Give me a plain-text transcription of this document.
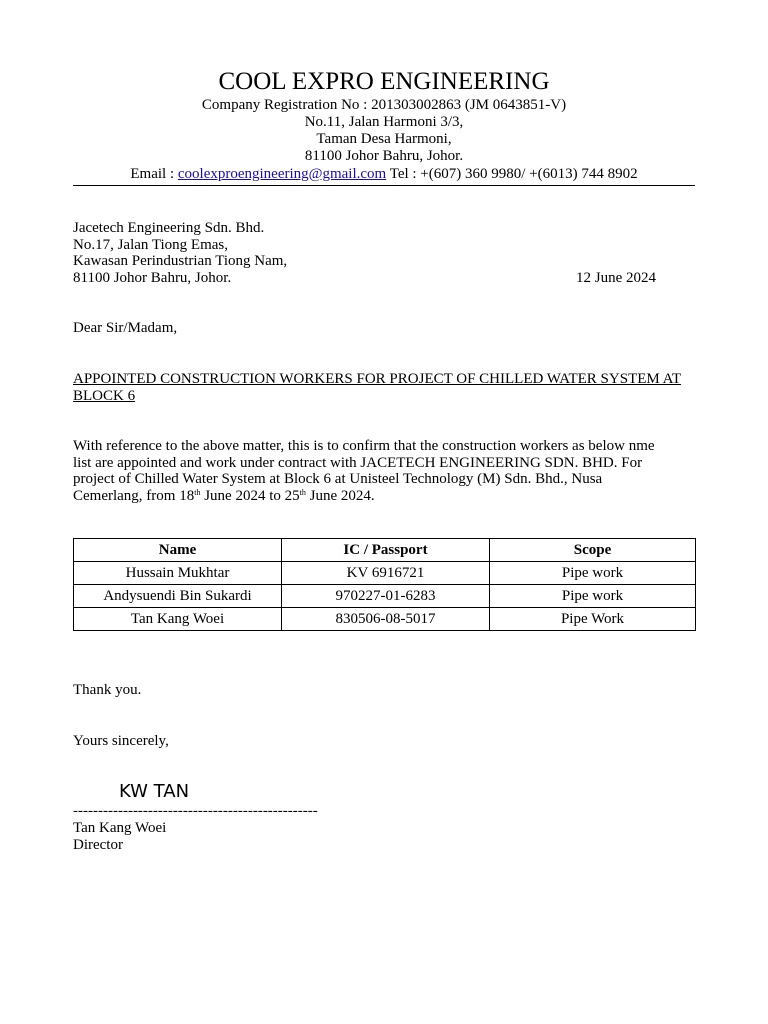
COOL EXPRO ENGINEERING
Company Registration No : 201303002863 (JM 0643851-V)
No.11, Jalan Harmoni 3/3,
Taman Desa Harmoni,
81100 Johor Bahru, Johor.
Email : coolexproengineering@gmail.com Tel : +(607) 360 9980/ +(6013) 744 8902
Jacetech Engineering Sdn. Bhd.
No.17, Jalan Tiong Emas,
Kawasan Perindustrian Tiong Nam,
81100 Johor Bahru, Johor.	12 June 2024
Dear Sir/Madam,
APPOINTED CONSTRUCTION WORKERS FOR PROJECT OF CHILLED WATER SYSTEM AT BLOCK 6
With reference to the above matter, this is to confirm that the construction workers as below nme
list are appointed and work under contract with JACETECH ENGINEERING SDN. BHD. For
project of Chilled Water System at Block 6 at Unisteel Technology (M) Sdn. Bhd., Nusa
Cemerlang, from 18th June 2024 to 25th June 2024.
Name	IC / Passport	Scope
Hussain Mukhtar	KV 6916721	Pipe work
Andysuendi Bin Sukardi	970227-01-6283	Pipe work
Tan Kang Woei	830506-08-5017	Pipe Work
Thank you.
Yours sincerely,
KW TAN
-------------------------------------------------
Tan Kang Woei
Director
